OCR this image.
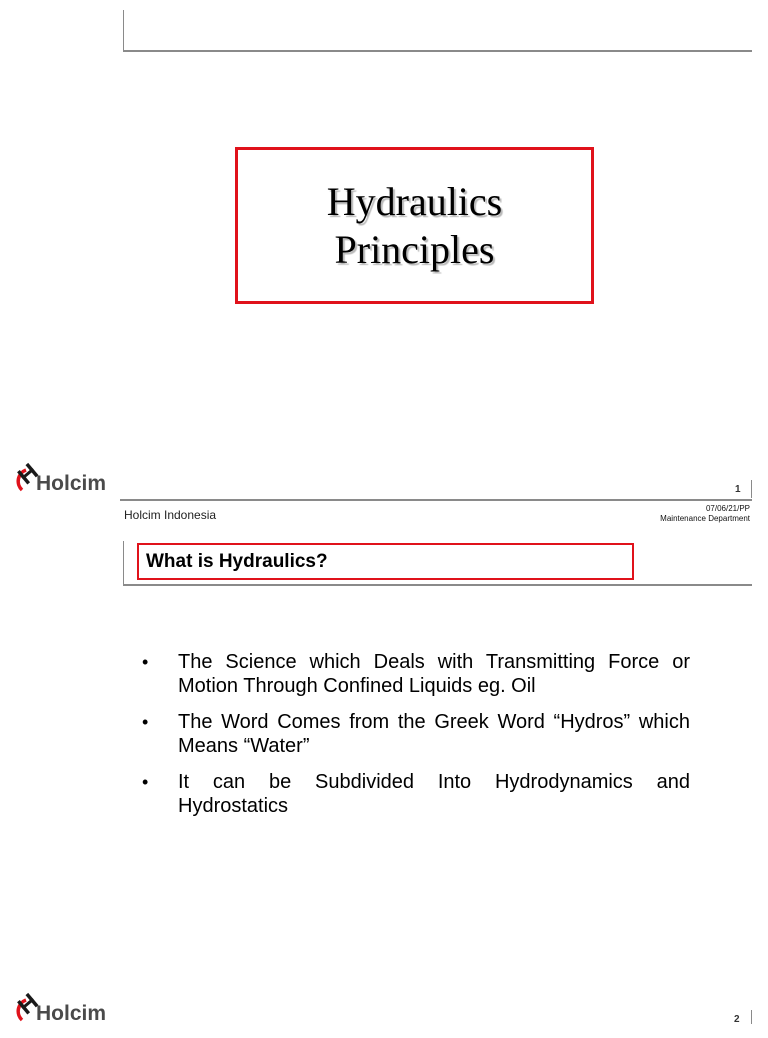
Hydraulics
Principles
Holcim	1
Holcim Indonesia	07/06/21/PP
Maintenance Department
What is Hydraulics?
• The Science which Deals with Transmitting Force or Motion Through Confined Liquids eg. Oil
• The Word Comes from the Greek Word “Hydros” which Means “Water”
• It can be Subdivided Into Hydrodynamics and Hydrostatics
Holcim	2
